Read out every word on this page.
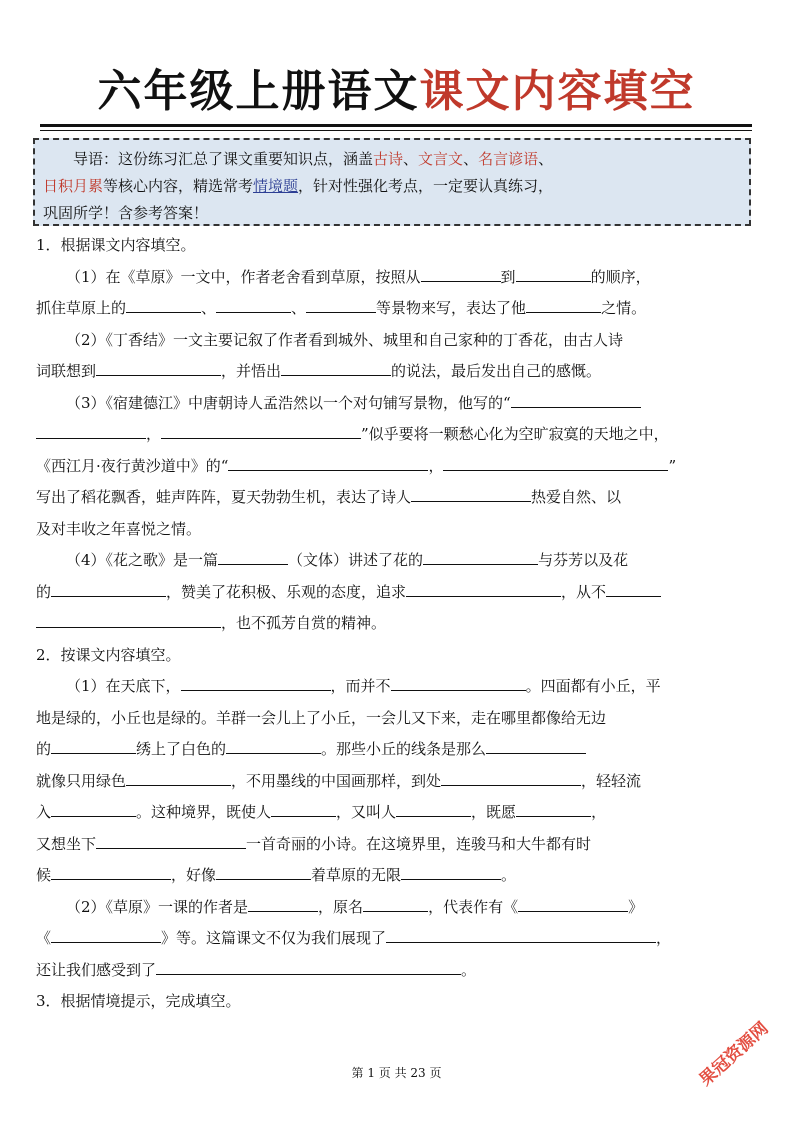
六年级上册语文课文内容填空
导语：这份练习汇总了课文重要知识点，涵盖古诗、文言文、名言谚语、
日积月累等核心内容，精选常考情境题，针对性强化考点，一定要认真练习，
巩固所学！含参考答案！
1．根据课文内容填空。
（1）在《草原》一文中，作者老舍看到草原，按照从	到	的顺序，
抓住草原上的	、	、	等景物来写，表达了他	之情。
（2）《丁香结》一文主要记叙了作者看到城外、城里和自己家种的丁香花，由古人诗
词联想到	，并悟出	的说法，最后发出自己的感慨。
（3）《宿建德江》中唐朝诗人孟浩然以一个对句铺写景物，他写的“
，	”似乎要将一颗愁心化为空旷寂寞的天地之中，
《西江月·夜行黄沙道中》的“	，	”
写出了稻花飘香，蛙声阵阵，夏天勃勃生机，表达了诗人	热爱自然、以
及对丰收之年喜悦之情。
（4）《花之歌》是一篇	（文体）讲述了花的	与芬芳以及花
的	，赞美了花积极、乐观的态度，追求	，从不
，也不孤芳自赏的精神。
2．按课文内容填空。
（1）在天底下，	，而并不	。四面都有小丘，平
地是绿的，小丘也是绿的。羊群一会儿上了小丘，一会儿又下来，走在哪里都像给无边
的	绣上了白色的	。那些小丘的线条是那么
就像只用绿色	，不用墨线的中国画那样，到处	，轻轻流
入	。这种境界，既使人	，又叫人	，既愿	，
又想坐下	一首奇丽的小诗。在这境界里，连骏马和大牛都有时
候	，好像	着草原的无限	。
（2）《草原》一课的作者是	，原名	，代表作有《	》
《	》等。这篇课文不仅为我们展现了	，
还让我们感受到了	。
3．根据情境提示，完成填空。
第 1 页 共 23 页	果冠资源网
